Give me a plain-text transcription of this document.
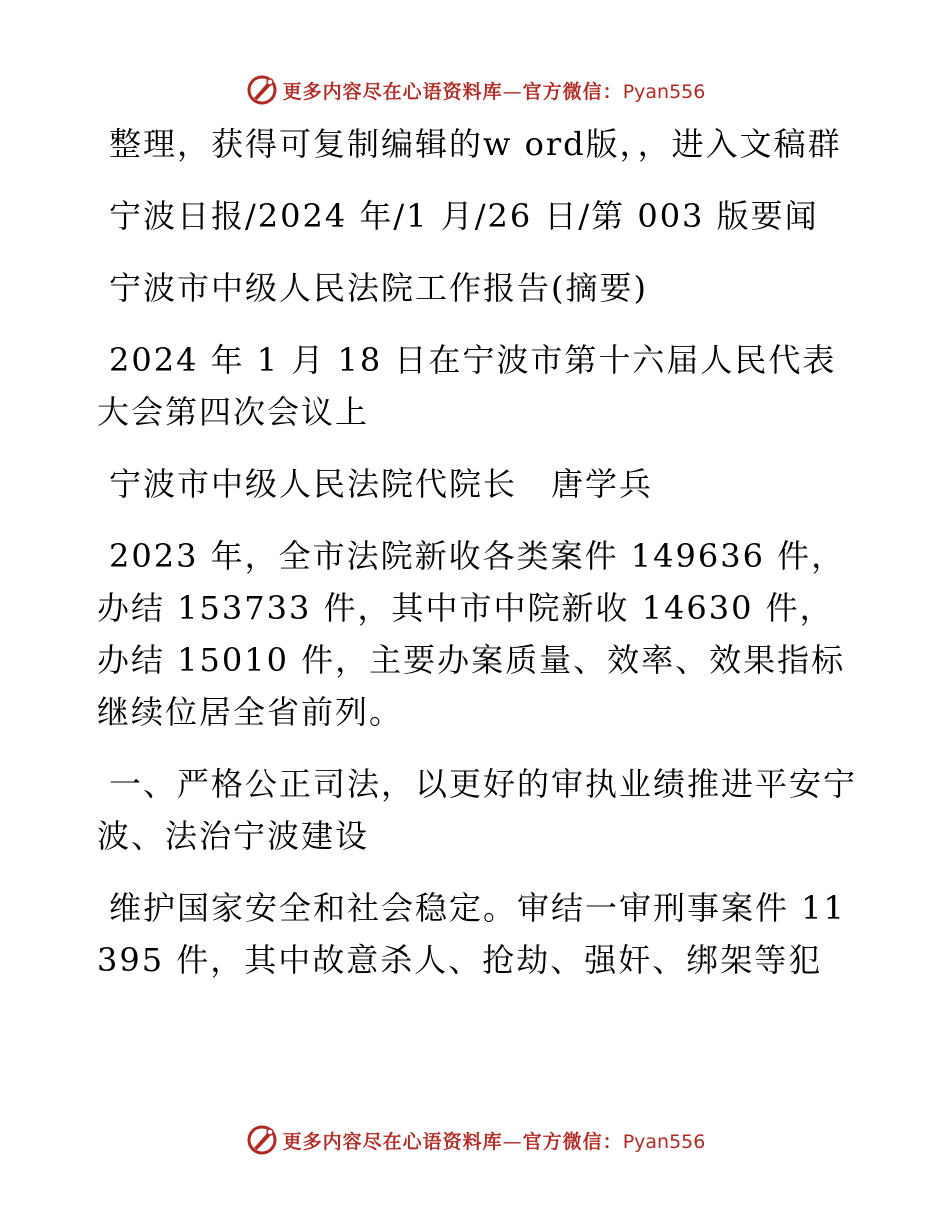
更多内容尽在心语资料库—官方微信：Pyan556

整理，获得可复制编辑的w ord版，，进入文稿群

宁波日报/2024 年/1 月/26 日/第 003 版要闻

宁波市中级人民法院工作报告(摘要)

2024 年 1 月 18 日在宁波市第十六届人民代表大会第四次会议上

宁波市中级人民法院代院长　唐学兵

2023 年，全市法院新收各类案件 149636 件，办结 153733 件，其中市中院新收 14630 件，办结 15010 件，主要办案质量、效率、效果指标继续位居全省前列。

一、严格公正司法，以更好的审执业绩推进平安宁波、法治宁波建设

维护国家安全和社会稳定。审结一审刑事案件 11395 件，其中故意杀人、抢劫、强奸、绑架等犯

更多内容尽在心语资料库—官方微信：Pyan556
